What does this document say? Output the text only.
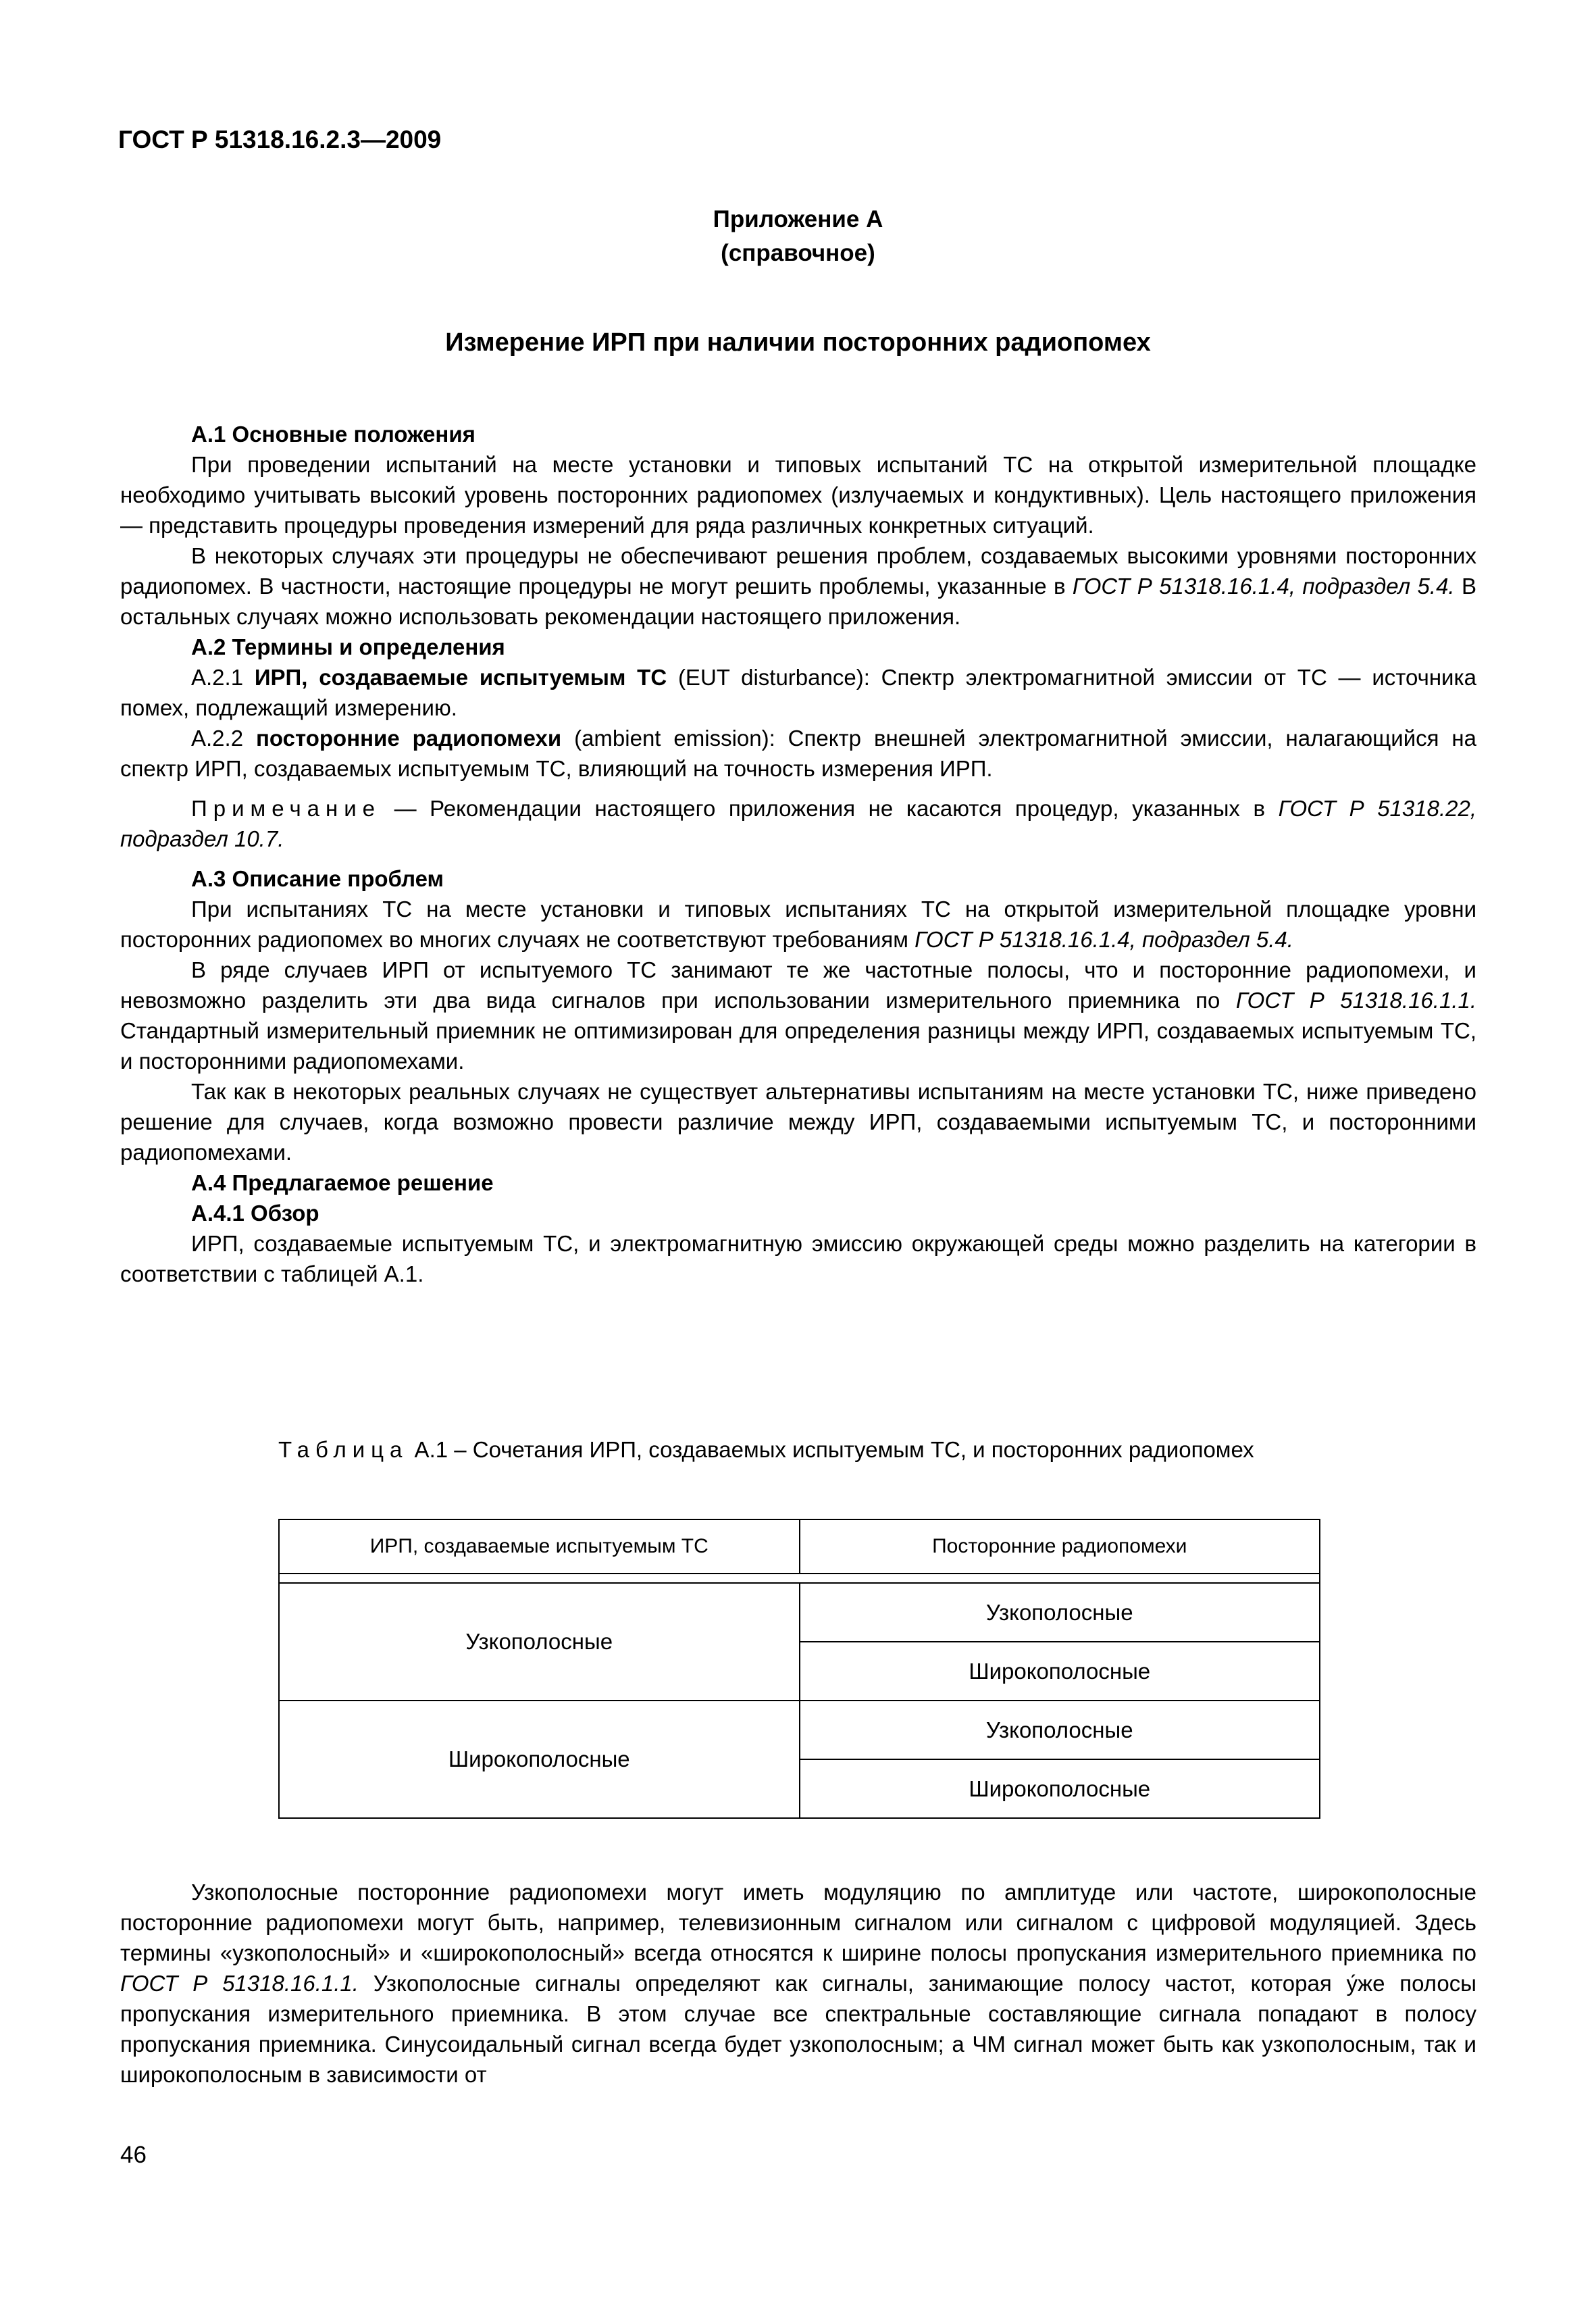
ГОСТ Р 51318.16.2.3—2009
Приложение А
(справочное)
Измерение ИРП при наличии посторонних радиопомех

А.1 Основные положения

При проведении испытаний на месте установки и типовых испытаний ТС на открытой измерительной площадке необходимо учитывать высокий уровень посторонних радиопомех (излучаемых и кондуктивных). Цель настоящего приложения — представить процедуры проведения измерений для ряда различных конкретных ситуаций.

В некоторых случаях эти процедуры не обеспечивают решения проблем, создаваемых высокими уровнями посторонних радиопомех. В частности, настоящие процедуры не могут решить проблемы, указанные в ГОСТ Р 51318.16.1.4, подраздел 5.4. В остальных случаях можно использовать рекомендации настоящего приложения.

А.2 Термины и определения

А.2.1 ИРП, создаваемые испытуемым ТС (EUT disturbance): Спектр электромагнитной эмиссии от ТС — источника помех, подлежащий измерению.

А.2.2 посторонние радиопомехи (ambient emission): Спектр внешней электромагнитной эмиссии, налагающийся на спектр ИРП, создаваемых испытуемым ТС, влияющий на точность измерения ИРП.

Примечание — Рекомендации настоящего приложения не касаются процедур, указанных в ГОСТ Р 51318.22, подраздел 10.7.

А.3 Описание проблем

При испытаниях ТС на месте установки и типовых испытаниях ТС на открытой измерительной площадке уровни посторонних радиопомех во многих случаях не соответствуют требованиям ГОСТ Р 51318.16.1.4, подраздел 5.4.

В ряде случаев ИРП от испытуемого ТС занимают те же частотные полосы, что и посторонние радиопомехи, и невозможно разделить эти два вида сигналов при использовании измерительного приемника по ГОСТ Р 51318.16.1.1. Стандартный измерительный приемник не оптимизирован для определения разницы между ИРП, создаваемых испытуемым ТС, и посторонними радиопомехами.

Так как в некоторых реальных случаях не существует альтернативы испытаниям на месте установки ТС, ниже приведено решение для случаев, когда возможно провести различие между ИРП, создаваемыми испытуемым ТС, и посторонними радиопомехами.

А.4 Предлагаемое решение

А.4.1 Обзор

ИРП, создаваемые испытуемым ТС, и электромагнитную эмиссию окружающей среды можно разделить на категории в соответствии с таблицей А.1.

Таблица А.1 – Сочетания ИРП, создаваемых испытуемым ТС, и посторонних радиопомех
ИРП, создаваемые испытуемым ТС	Посторонние радиопомехи

Узкополосные	Узкополосные
	Широкополосные
Широкополосные	Узкополосные
	Широкополосные

Узкополосные посторонние радиопомехи могут иметь модуляцию по амплитуде или частоте, широкополосные посторонние радиопомехи могут быть, например, телевизионным сигналом или сигналом с цифровой модуляцией. Здесь термины «узкополосный» и «широкополосный» всегда относятся к ширине полосы пропускания измерительного приемника по ГОСТ Р 51318.16.1.1. Узкополосные сигналы определяют как сигналы, занимающие полосу частот, которая у́же полосы пропускания измерительного приемника. В этом случае все спектральные составляющие сигнала попадают в полосу пропускания приемника. Синусоидальный сигнал всегда будет узкополосным; а ЧМ сигнал может быть как узкополосным, так и широкополосным в зависимости от

46
